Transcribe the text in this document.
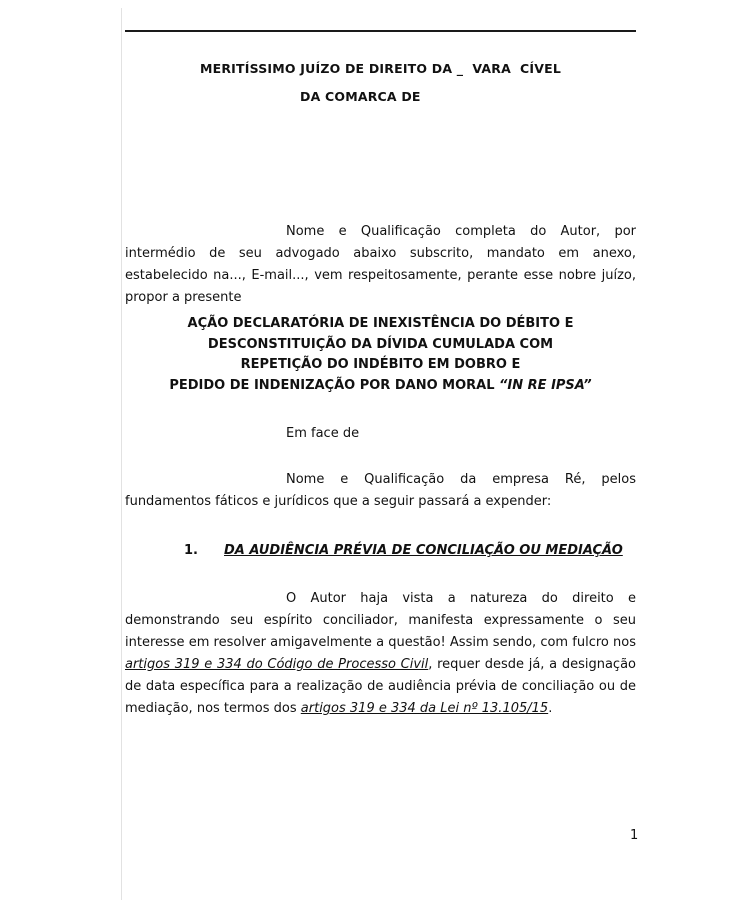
MERITÍSSIMO JUÍZO DE DIREITO DA _  VARA  CÍVEL
DA COMARCA DE
Nome e Qualificação completa do Autor, por intermédio de seu advogado abaixo subscrito, mandato em anexo, estabelecido na..., E-mail..., vem respeitosamente, perante esse nobre juízo, propor a presente
AÇÃO DECLARATÓRIA DE INEXISTÊNCIA DO DÉBITO E
DESCONSTITUIÇÃO DA DÍVIDA CUMULADA COM
REPETIÇÃO DO INDÉBITO EM DOBRO E
PEDIDO DE INDENIZAÇÃO POR DANO MORAL “IN RE IPSA”
Em face de
Nome e Qualificação da empresa Ré, pelos fundamentos fáticos e jurídicos que a seguir passará a expender:
1. DA AUDIÊNCIA PRÉVIA DE CONCILIAÇÃO OU MEDIAÇÃO
O Autor haja vista a natureza do direito e demonstrando seu espírito conciliador, manifesta expressamente o seu interesse em resolver amigavelmente a questão! Assim sendo, com fulcro nos artigos 319 e 334 do Código de Processo Civil, requer desde já, a designação de data específica para a realização de audiência prévia de conciliação ou de mediação, nos termos dos artigos 319 e 334 da Lei nº 13.105/15.
1
